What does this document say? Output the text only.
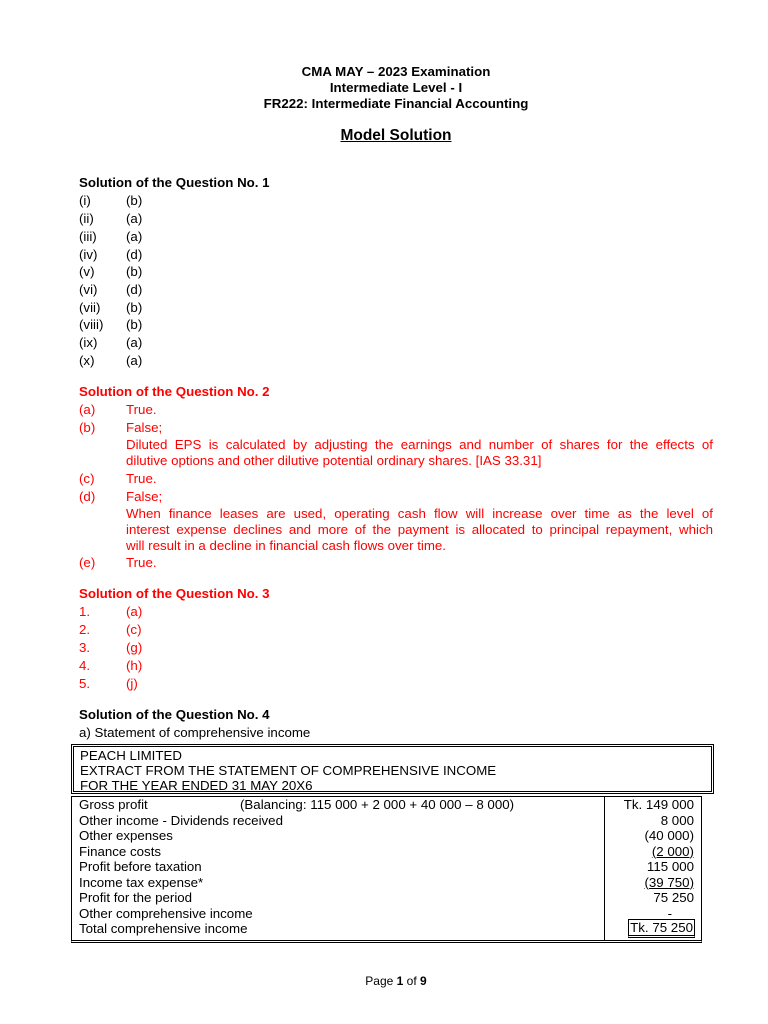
CMA MAY – 2023 Examination
Intermediate Level - I
FR222: Intermediate Financial Accounting
Model Solution
Solution of the Question No. 1
(i)	(b)
(ii) (a)
(iii) (a)
(iv) (d)
(v) (b)
(vi) (d)
(vii) (b)
(viii) (b)
(ix) (a)
(x) (a)
Solution of the Question No. 2
(a) True.
(b) False;
Diluted EPS is calculated by adjusting the earnings and number of shares for the effects of
dilutive options and other dilutive potential ordinary shares. [IAS 33.31]
(c) True.
(d) False;
When finance leases are used, operating cash flow will increase over time as the level of
interest expense declines and more of the payment is allocated to principal repayment, which
will result in a decline in financial cash flows over time.
(e) True.
Solution of the Question No. 3
1.	(a)
2.	(c)
3.	(g)
4.	(h)
5.	(j)
Solution of the Question No. 4
a) Statement of comprehensive income
PEACH LIMITED
EXTRACT FROM THE STATEMENT OF COMPREHENSIVE INCOME
FOR THE YEAR ENDED 31 MAY 20X6
Gross profit	(Balancing: 115 000 + 2 000 + 40 000 – 8 000)	Tk. 149 000
Other income - Dividends received	8 000
Other expenses	(40 000)
Finance costs	(2 000)
Profit before taxation	115 000
Income tax expense*	(39 750)
Profit for the period	75 250
Other comprehensive income	-
Total comprehensive income	Tk. 75 250
Page 1 of 9
